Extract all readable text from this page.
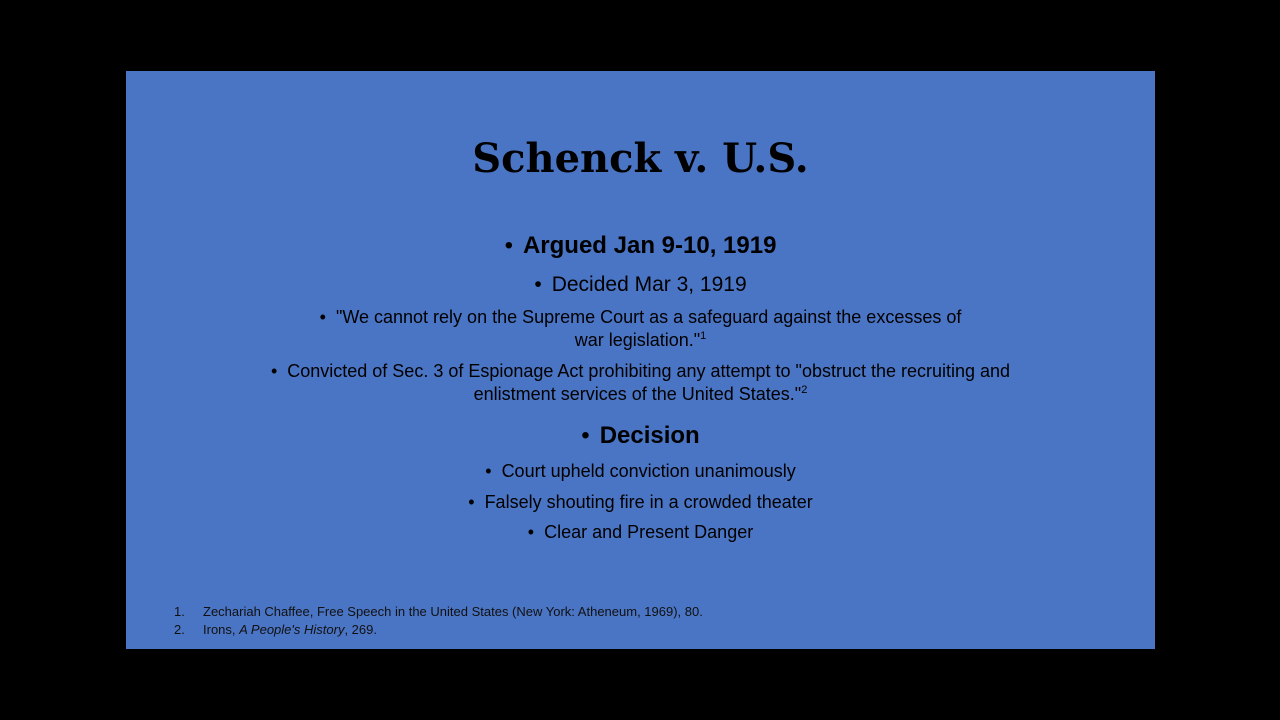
Schenck v. U.S.

• Argued Jan 9-10, 1919

• Decided Mar 3, 1919

• "We cannot rely on the Supreme Court as a safeguard against the excesses of
war legislation."$^1$
• Convicted of Sec. 3 of Espionage Act prohibiting any attempt to "obstruct the recruiting and
enlistment services of the United States."$^2$

• Decision

• Court upheld conviction unanimously

• Falsely shouting fire in a crowded theater

• Clear and Present Danger

1.	Zechariah Chaffee, Free Speech in the United States (New York: Atheneum, 1969), 80.
2.	Irons, A People's History, 269.
